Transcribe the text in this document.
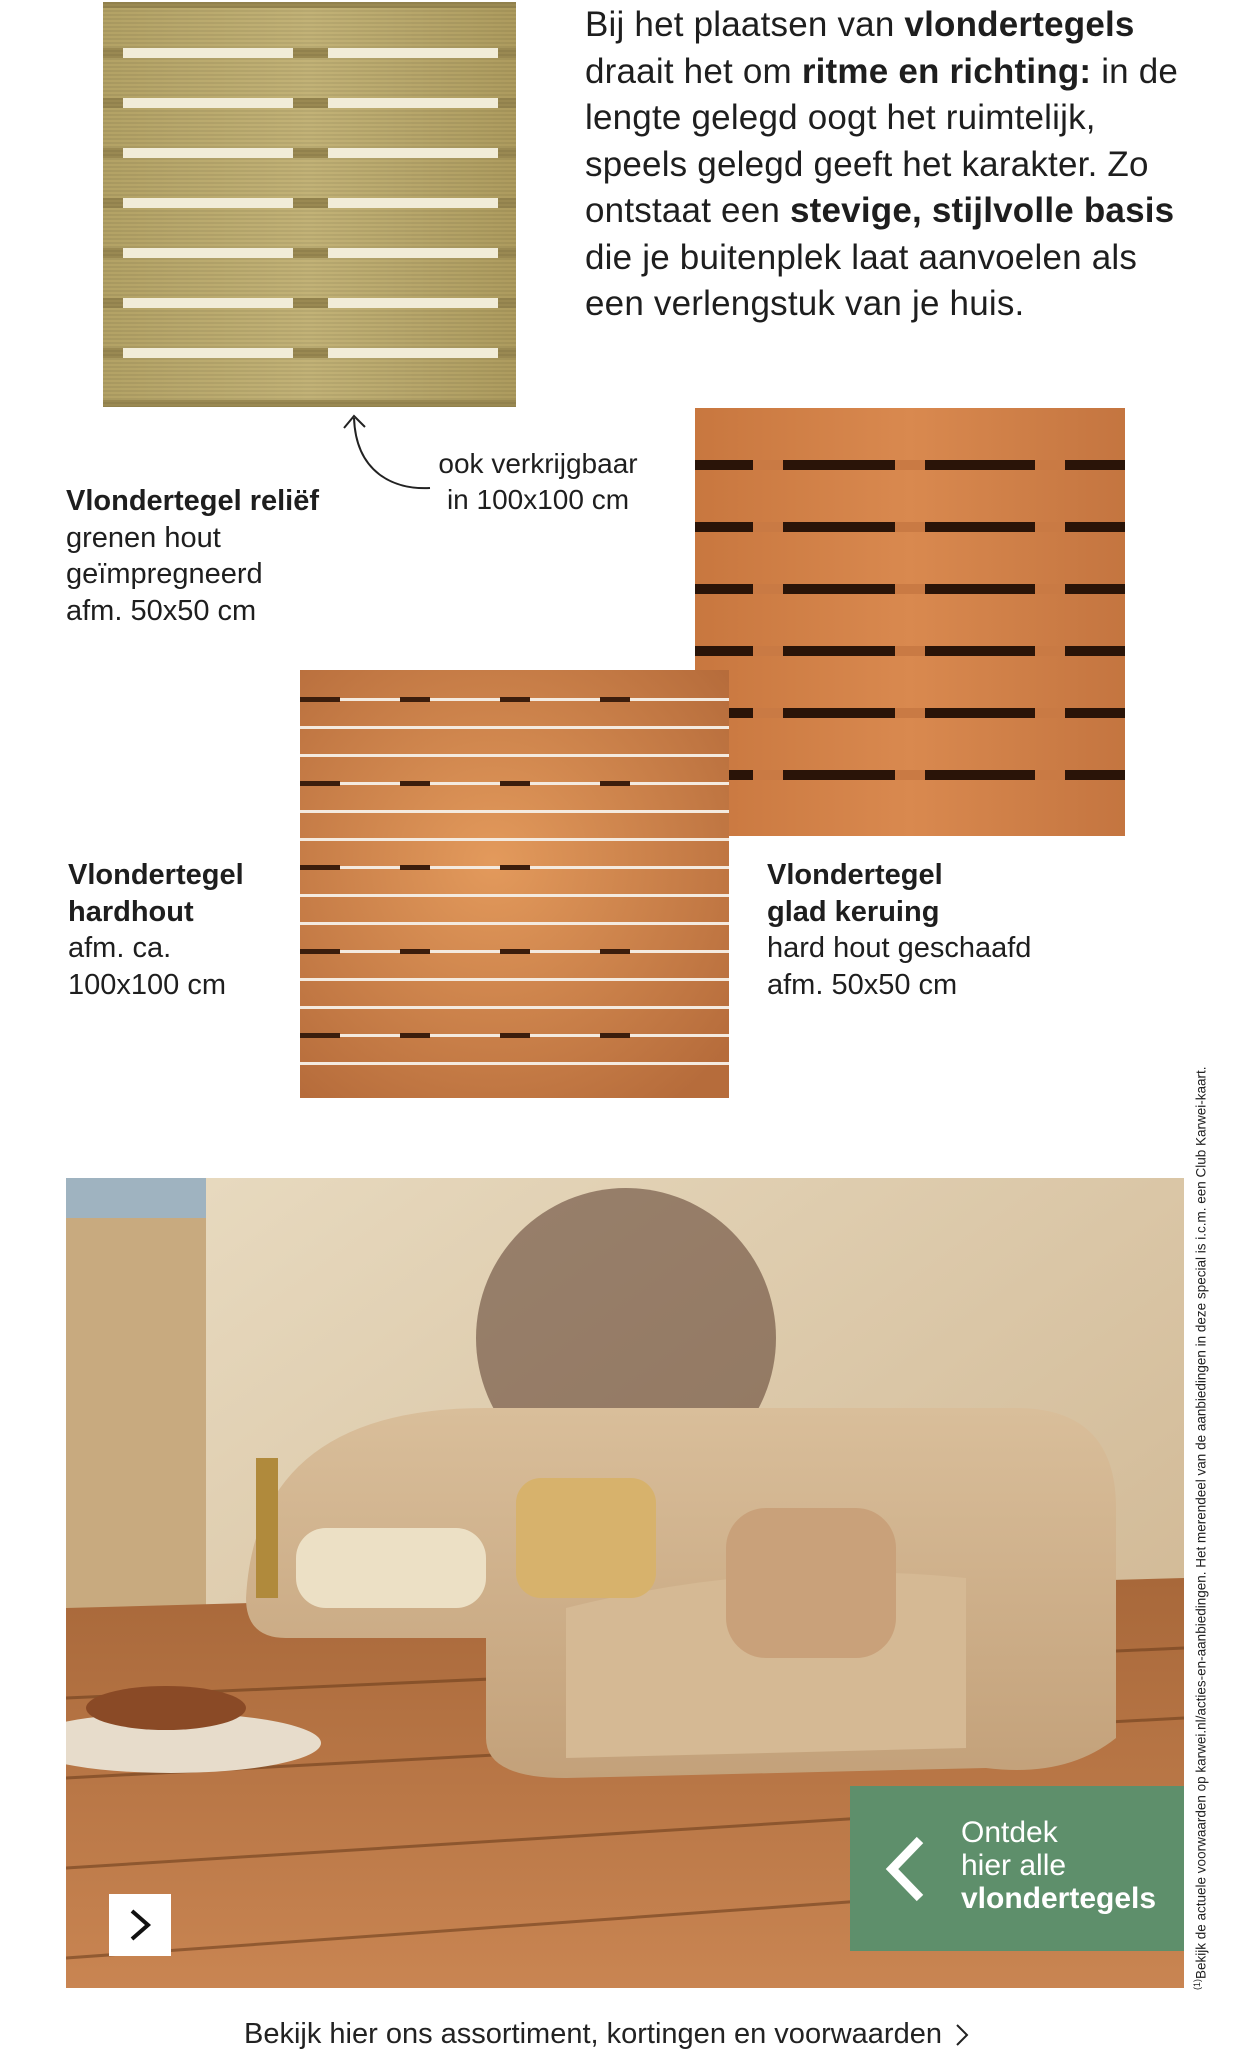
Bij het plaatsen van vlondertegels draait het om ritme en richting: in de lengte gelegd oogt het ruimtelijk, speels gelegd geeft het karakter. Zo ontstaat een stevige, stijlvolle basis die je buitenplek laat aanvoelen als een verlengstuk van je huis.
ook verkrijgbaar
in 100x100 cm
Vlondertegel reliëf
grenen hout
geïmpregneerd
afm. 50x50 cm
Vlondertegel
hardhout
afm. ca.
100x100 cm
Vlondertegel
glad keruing
hard hout geschaafd
afm. 50x50 cm
Ontdek
hier alle
vlondertegels
Bekijk hier ons assortiment, kortingen en voorwaarden
$^{(1)}$Bekijk de actuele voorwaarden op karwei.nl/acties-en-aanbiedingen. Het merendeel van de aanbiedingen in deze special is i.c.m. een Club Karwei-kaart.
